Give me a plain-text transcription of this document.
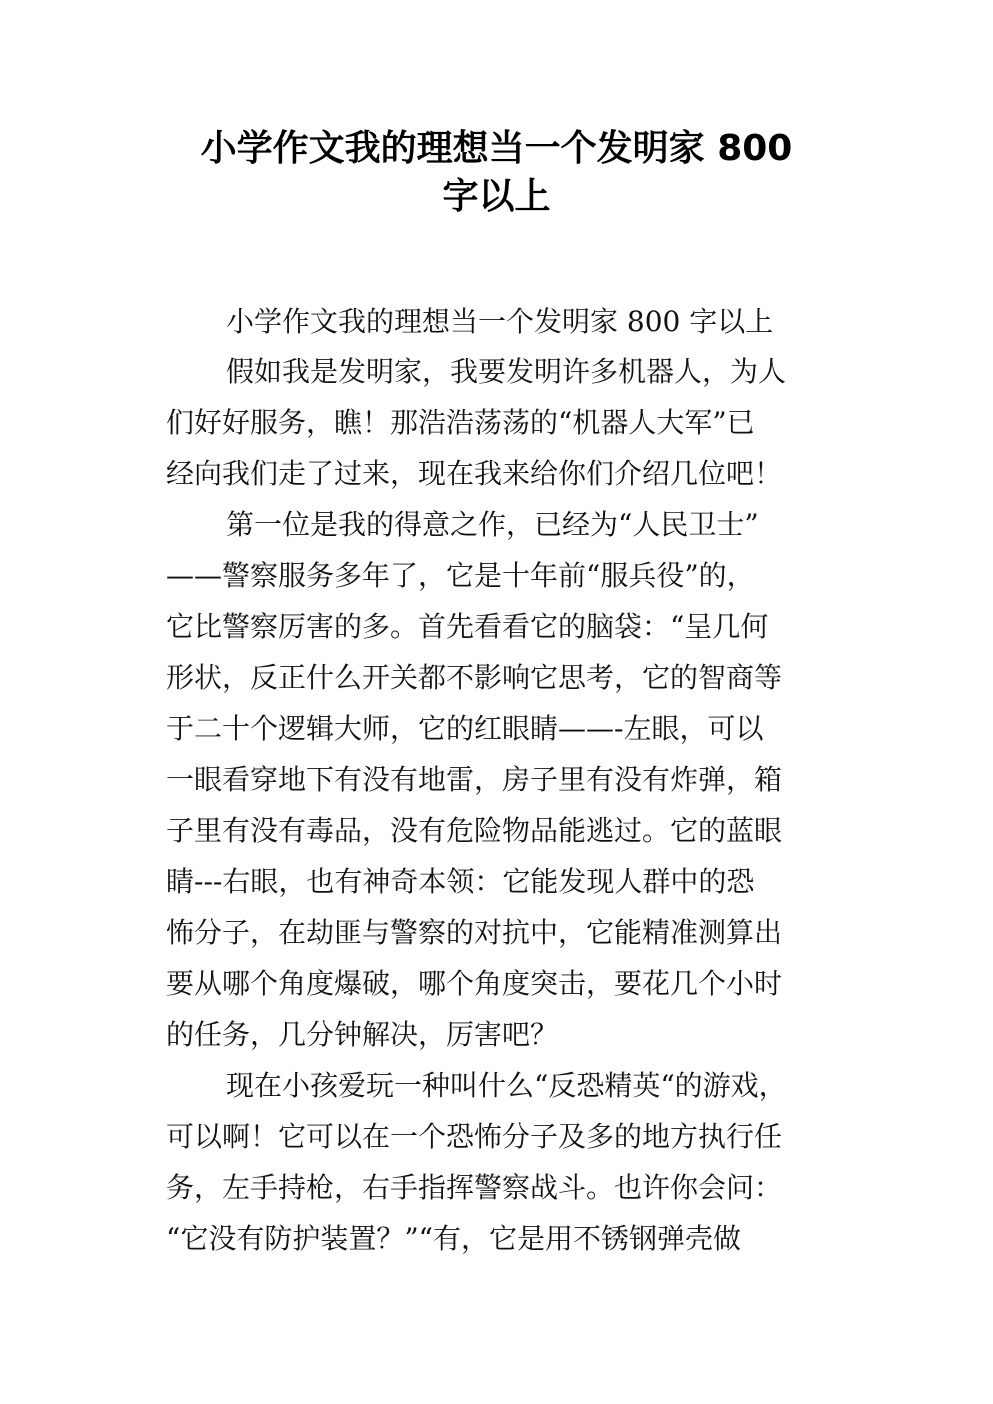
小学作文我的理想当一个发明家 800
字以上
小学作文我的理想当一个发明家 800 字以上
假如我是发明家，我要发明许多机器人，为人
们好好服务，瞧！那浩浩荡荡的“机器人大军”已
经向我们走了过来，现在我来给你们介绍几位吧！
第一位是我的得意之作，已经为“人民卫士”
——警察服务多年了，它是十年前“服兵役”的，
它比警察厉害的多。首先看看它的脑袋：“呈几何
形状，反正什么开关都不影响它思考，它的智商等
于二十个逻辑大师，它的红眼睛——-左眼，可以
一眼看穿地下有没有地雷，房子里有没有炸弹，箱
子里有没有毒品，没有危险物品能逃过。它的蓝眼
睛---右眼，也有神奇本领：它能发现人群中的恐
怖分子，在劫匪与警察的对抗中，它能精准测算出
要从哪个角度爆破，哪个角度突击，要花几个小时
的任务，几分钟解决，厉害吧？
现在小孩爱玩一种叫什么“反恐精英“的游戏，
可以啊！它可以在一个恐怖分子及多的地方执行任
务，左手持枪，右手指挥警察战斗。也许你会问：
“它没有防护装置？”“有，它是用不锈钢弹壳做
